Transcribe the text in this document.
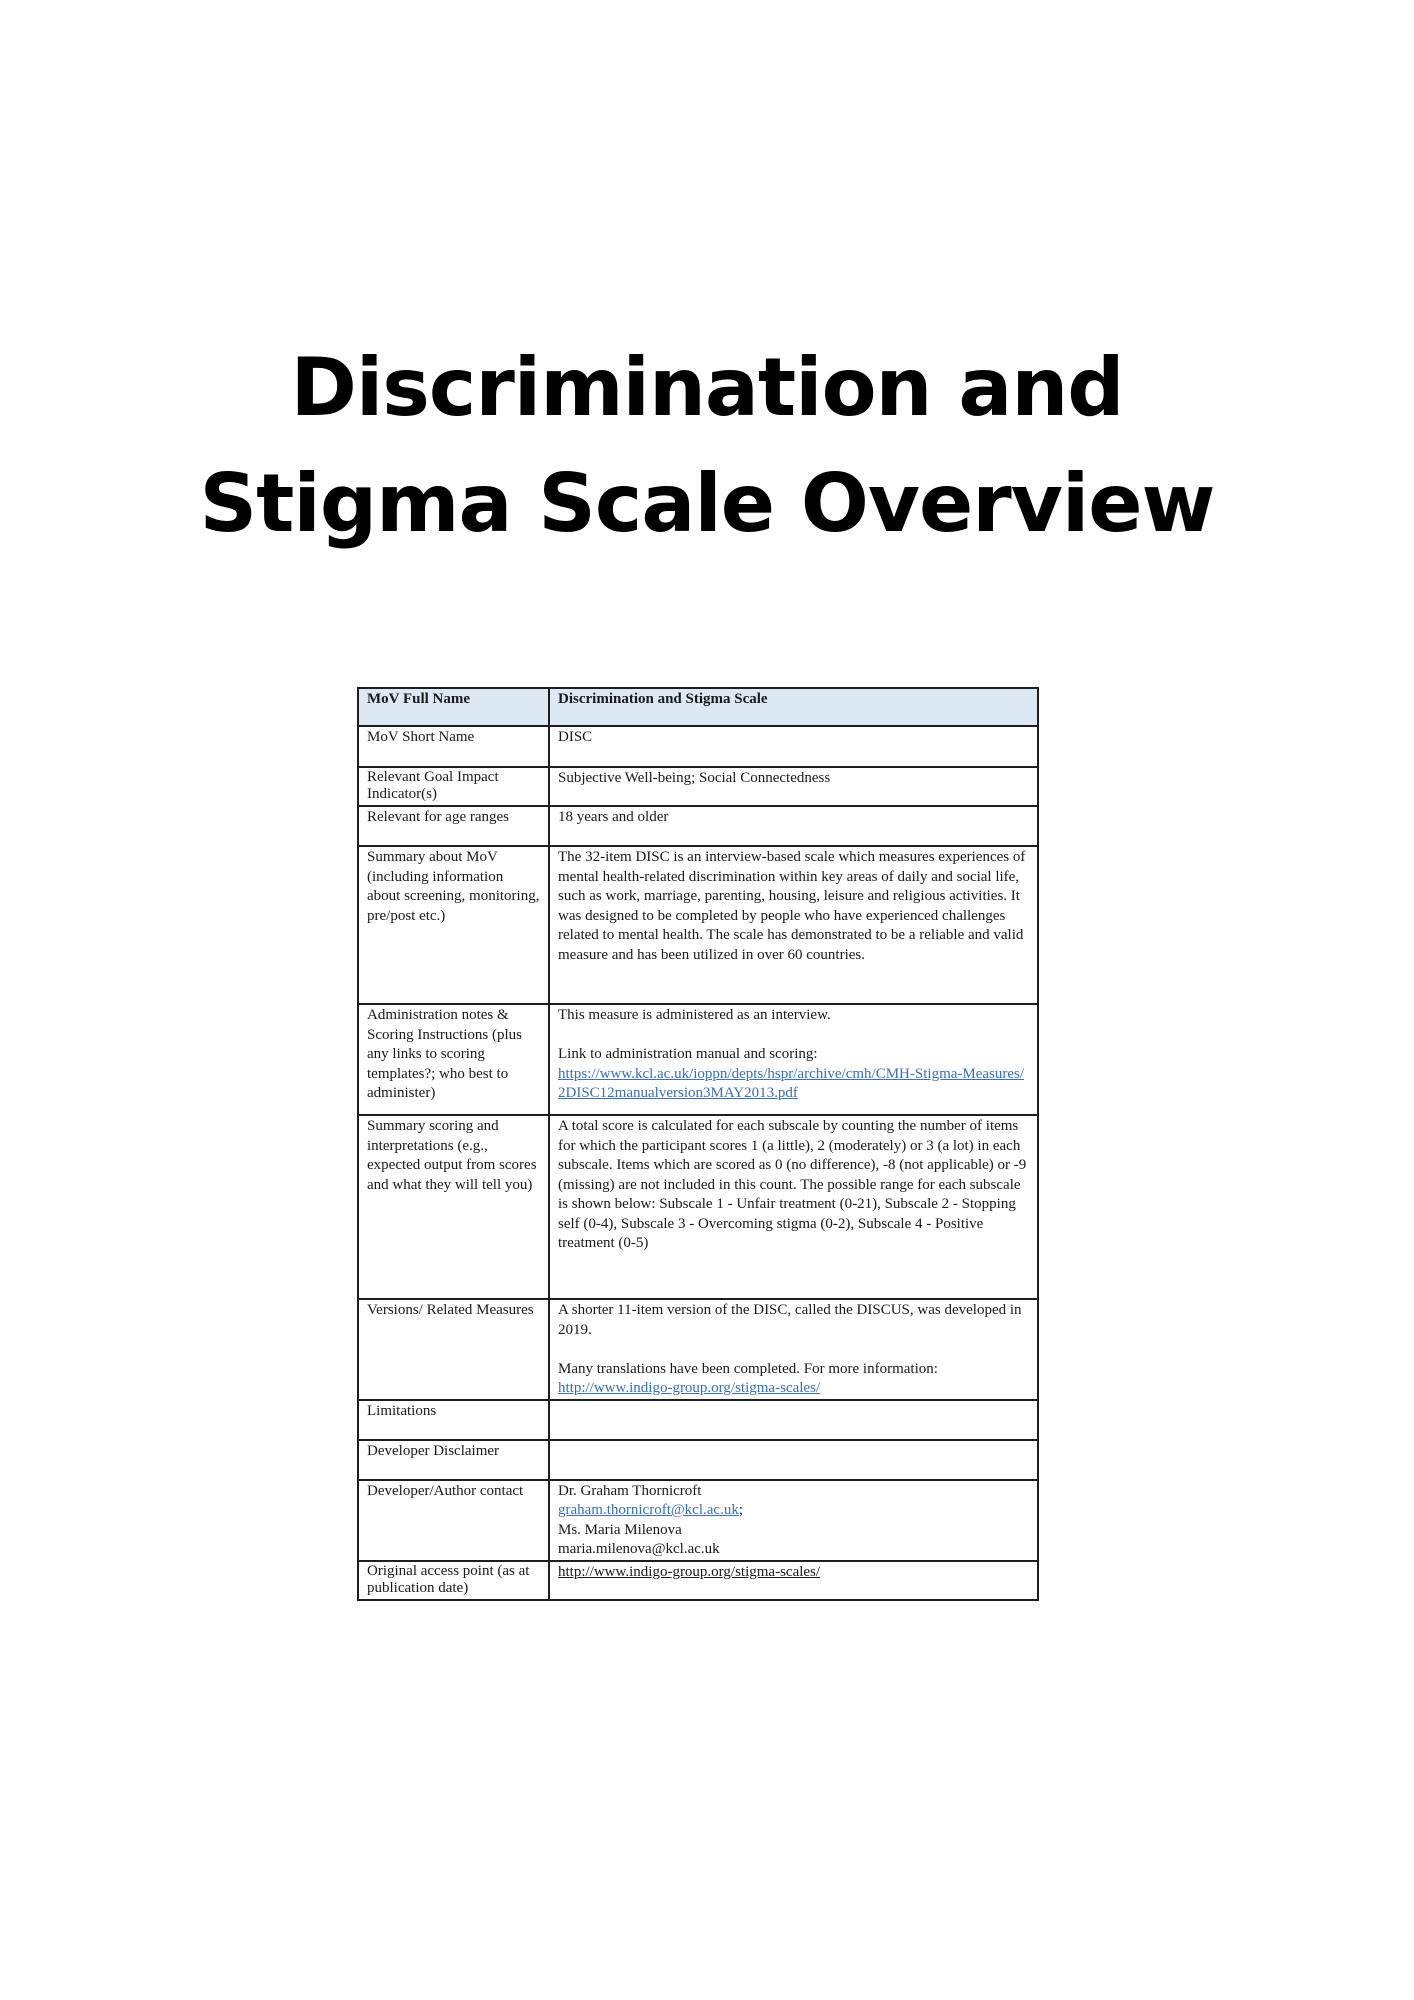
Discrimination and
Stigma Scale Overview
MoV Full Name	Discrimination and Stigma Scale
MoV Short Name	DISC
Relevant Goal Impact Indicator(s)	Subjective Well-being; Social Connectedness
Relevant for age ranges	18 years and older
Summary about MoV (including information about screening, monitoring, pre/post etc.)	The 32-item DISC is an interview-based scale which measures experiences of mental health-related discrimination within key areas of daily and social life, such as work, marriage, parenting, housing, leisure and religious activities. It was designed to be completed by people who have experienced challenges related to mental health. The scale has demonstrated to be a reliable and valid measure and has been utilized in over 60 countries.
Administration notes & Scoring Instructions (plus any links to scoring templates?; who best to administer)	This measure is administered as an interview.
Link to administration manual and scoring:
https://www.kcl.ac.uk/ioppn/depts/hspr/archive/cmh/CMH-Stigma-Measures/2DISC12manualversion3MAY2013.pdf
Summary scoring and interpretations (e.g., expected output from scores and what they will tell you)	A total score is calculated for each subscale by counting the number of items for which the participant scores 1 (a little), 2 (moderately) or 3 (a lot) in each subscale. Items which are scored as 0 (no difference), -8 (not applicable) or -9 (missing) are not included in this count. The possible range for each subscale is shown below: Subscale 1 - Unfair treatment (0-21), Subscale 2 - Stopping self (0-4), Subscale 3 - Overcoming stigma (0-2), Subscale 4 - Positive treatment (0-5)
Versions/ Related Measures	A shorter 11-item version of the DISC, called the DISCUS, was developed in 2019.
Many translations have been completed. For more information:
http://www.indigo-group.org/stigma-scales/
Limitations	
Developer Disclaimer	
Developer/Author contact	Dr. Graham Thornicroft
graham.thornicroft@kcl.ac.uk;
Ms. Maria Milenova
maria.milenova@kcl.ac.uk

Original access point (as at publication date)	http://www.indigo-group.org/stigma-scales/
